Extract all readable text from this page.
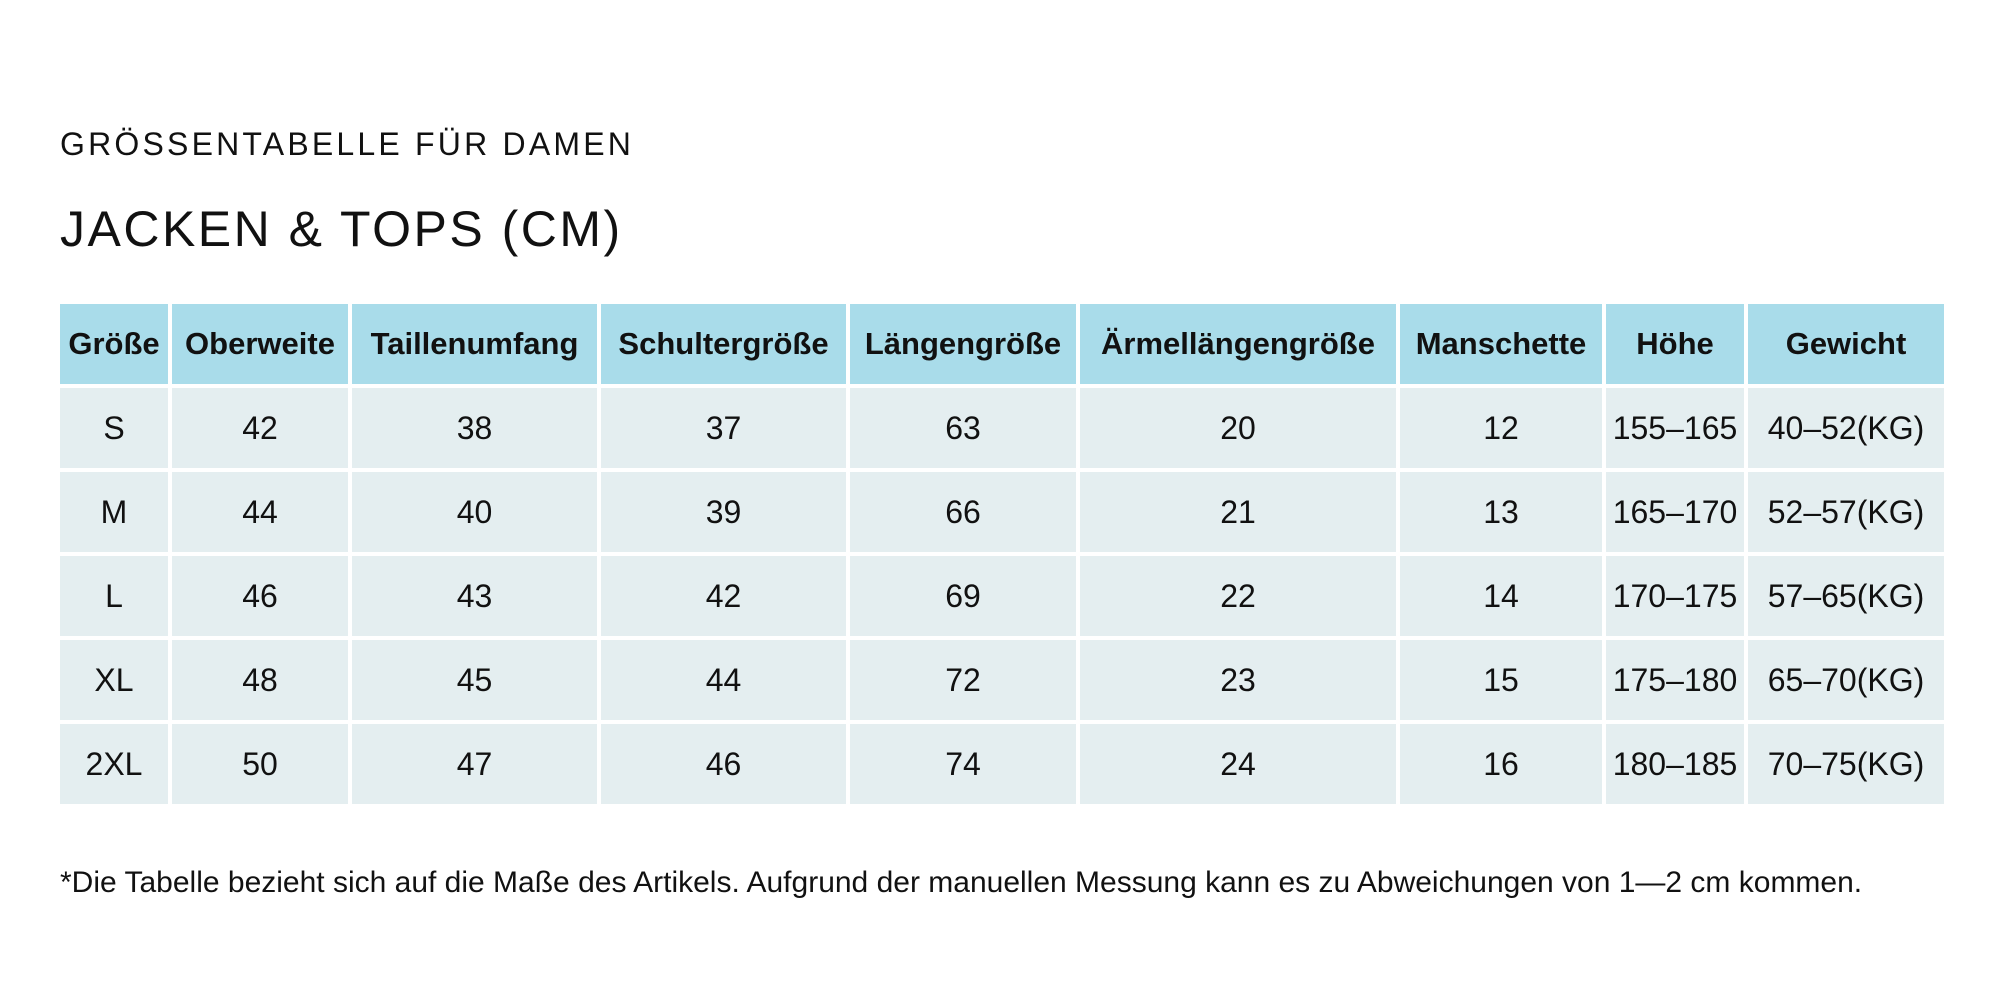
GRÖSSENTABELLE FÜR DAMEN
JACKEN & TOPS (CM)
Größe	Oberweite	Taillenumfang	Schultergröße	Längengröße	Ärmellängengröße	Manschette	Höhe	Gewicht
S	42	38	37	63	20	12	155–165	40–52(KG)
M	44	40	39	66	21	13	165–170	52–57(KG)
L	46	43	42	69	22	14	170–175	57–65(KG)
XL	48	45	44	72	23	15	175–180	65–70(KG)
2XL	50	47	46	74	24	16	180–185	70–75(KG)
*Die Tabelle bezieht sich auf die Maße des Artikels. Aufgrund der manuellen Messung kann es zu Abweichungen von 1—2 cm kommen.
